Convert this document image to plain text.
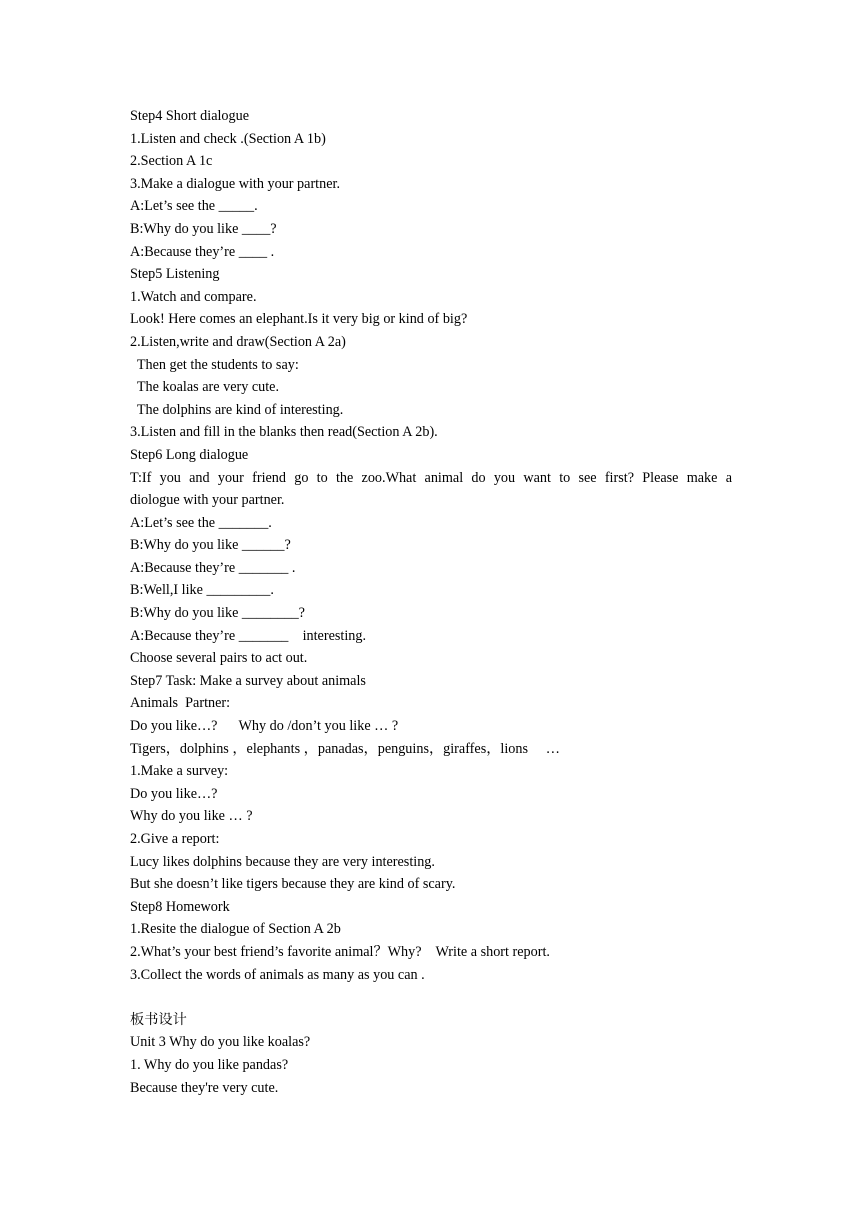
Step4 Short dialogue
1.Listen and check .(Section A 1b)
2.Section A 1c
3.Make a dialogue with your partner.
A:Let’s see the _____.
B:Why do you like ____?
A:Because they’re ____ .
Step5 Listening
1.Watch and compare.
Look! Here comes an elephant.Is it very big or kind of big?
2.Listen,write and draw(Section A 2a)
Then get the students to say:
The koalas are very cute.
The dolphins are kind of interesting.
3.Listen and fill in the blanks then read(Section A 2b).
Step6 Long dialogue
T:If you and your friend go to the zoo.What animal do you want to see first? Please make a
diologue with your partner.
A:Let’s see the _______.
B:Why do you like ______?
A:Because they’re _______ .
B:Well,I like _________.
B:Why do you like ________?
A:Because they’re _______    interesting.
Choose several pairs to act out.
Step7 Task: Make a survey about animals
Animals  Partner:
Do you like…?      Why do /don’t you like … ?
Tigers，dolphins ，elephants ，panadas，penguins，giraffes，lions     …
1.Make a survey:
Do you like…?
Why do you like … ?
2.Give a report:
Lucy likes dolphins because they are very interesting.
But she doesn’t like tigers because they are kind of scary.
Step8 Homework
1.Resite the dialogue of Section A 2b
2.What’s your best friend’s favorite animal？Why?    Write a short report.
3.Collect the words of animals as many as you can .
板书设计
Unit 3 Why do you like koalas?
1. Why do you like pandas?
Because they're very cute.
